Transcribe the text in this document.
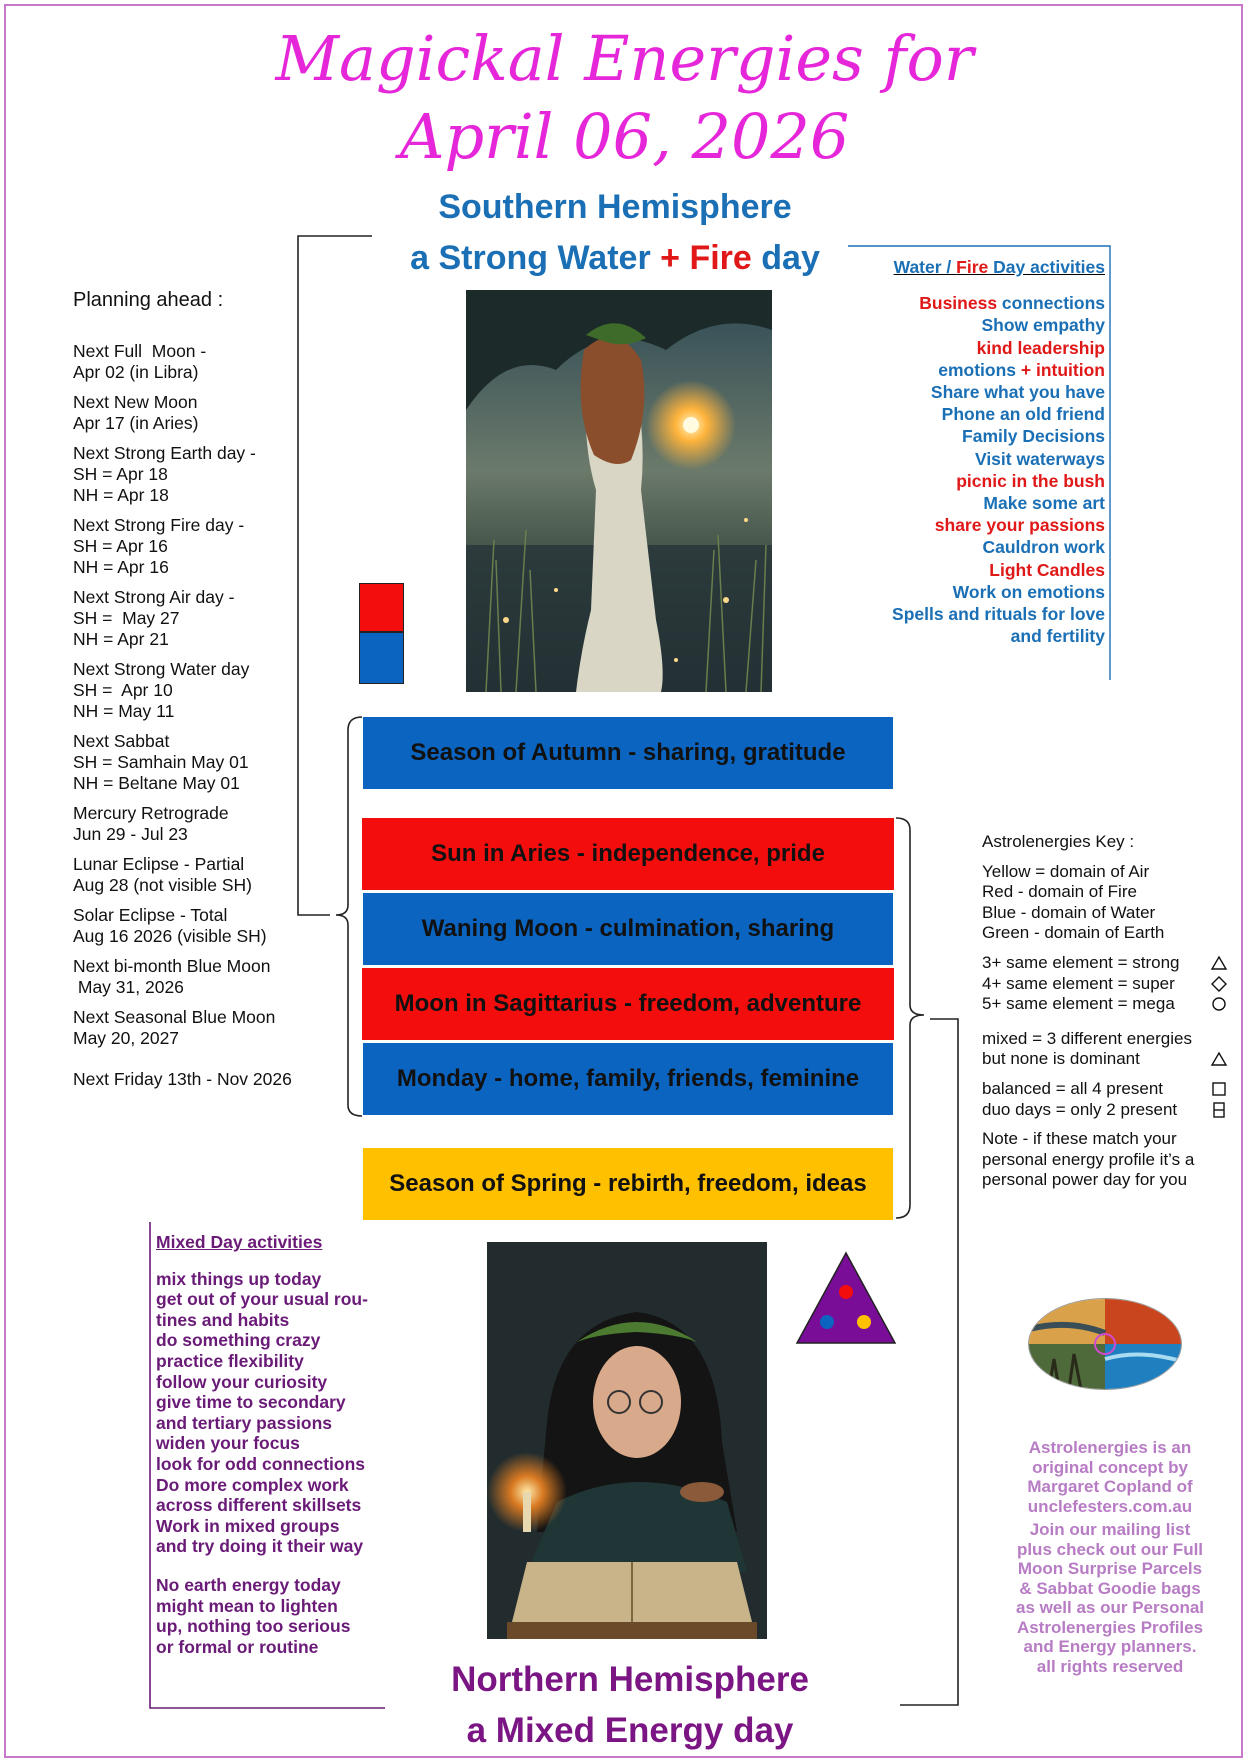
Magickal Energies for
April 06, 2026
Southern Hemisphere
a Strong Water + Fire day
Planning ahead :
Next Full  Moon -
Apr 02 (in Libra)
Next New Moon
Apr 17 (in Aries)
Next Strong Earth day -
SH = Apr 18
NH = Apr 18
Next Strong Fire day -
SH = Apr 16
NH = Apr 16
Next Strong Air day -
SH =  May 27
NH = Apr 21
Next Strong Water day
SH =  Apr 10
NH = May 11
Next Sabbat
SH = Samhain May 01
NH = Beltane May 01
Mercury Retrograde
Jun 29 - Jul 23
Lunar Eclipse - Partial
Aug 28 (not visible SH)
Solar Eclipse - Total
Aug 16 2026 (visible SH)
Next bi-month Blue Moon
May 31, 2026
Next Seasonal Blue Moon
May 20, 2027
Next Friday 13th - Nov 2026
Water / Fire Day activities
Business connections
Show empathy
kind leadership
emotions + intuition
Share what you have
Phone an old friend
Family Decisions
Visit waterways
picnic in the bush
Make some art
share your passions
Cauldron work
Light Candles
Work on emotions
Spells and rituals for love
and fertility
Season of Autumn - sharing, gratitude
Sun in Aries - independence, pride
Waning Moon - culmination, sharing
Moon in Sagittarius - freedom, adventure
Monday - home, family, friends, feminine
Season of Spring - rebirth, freedom, ideas
Astrolenergies Key :
Yellow = domain of Air
Red - domain of Fire
Blue - domain of Water
Green - domain of Earth
3+ same element = strong
4+ same element = super
5+ same element = mega
mixed = 3 different energies
but none is dominant
balanced = all 4 present
duo days = only 2 present
Note - if these match your personal energy profile it’s a personal power day for you
Mixed Day activities
mix things up today
get out of your usual rou-
tines and habits
do something crazy
practice flexibility
follow your curiosity
give time to secondary
and tertiary passions
widen your focus
look for odd connections
Do more complex work
across different skillsets
Work in mixed groups
and try doing it their way
No earth energy today
might mean to lighten
up, nothing too serious
or formal or routine
Astrolenergies is an
original concept by
Margaret Copland of
unclefesters.com.au
Join our mailing list
plus check out our Full
Moon Surprise Parcels
& Sabbat Goodie bags
as well as our Personal
Astrolenergies Profiles
and Energy planners.
all rights reserved
Northern Hemisphere
a Mixed Energy day
